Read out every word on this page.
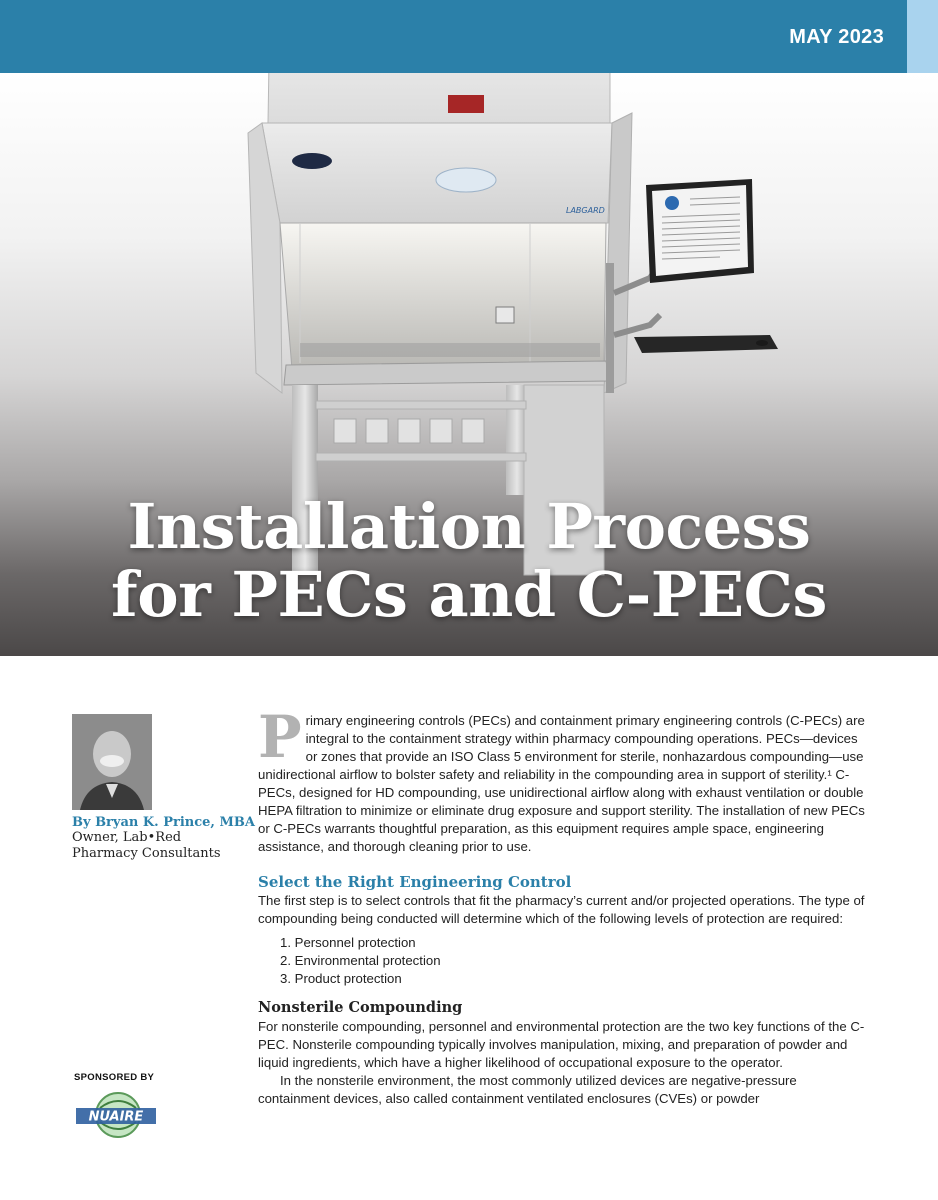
MAY 2023
LABGARD
Installation Process
for PECs and C-PECs
By Bryan K. Prince, MBA
Owner, Lab•Red
Pharmacy Consultants
SPONSORED BY
NUAIRE

Primary engineering controls (PECs) and containment primary engineering controls (C-PECs) are integral to the containment strategy within pharmacy compounding operations. PECs—devices or zones that provide an ISO Class 5 environment for sterile, nonhazardous compounding—use unidirectional airflow to bolster safety and reliability in the compounding area in support of sterility.¹ C-PECs, designed for HD compounding, use unidirectional airflow along with exhaust ventilation or double HEPA filtration to minimize or eliminate drug exposure and support sterility. The installation of new PECs or C-PECs warrants thoughtful preparation, as this equipment requires ample space, engineering assistance, and thorough cleaning prior to use.

Select the Right Engineering Control

The first step is to select controls that fit the pharmacy’s current and/or projected operations. The type of compounding being conducted will determine which of the following levels of protection are required:

1. Personnel protection
2. Environmental protection
3. Product protection
Nonsterile Compounding

For nonsterile compounding, personnel and environmental protection are the two key functions of the C-PEC. Nonsterile compounding typically involves manipulation, mixing, and preparation of powder and liquid ingredients, which have a higher likelihood of occupational exposure to the operator.

In the nonsterile environment, the most commonly utilized devices are negative-pressure containment devices, also called containment ventilated enclosures (CVEs) or powder
